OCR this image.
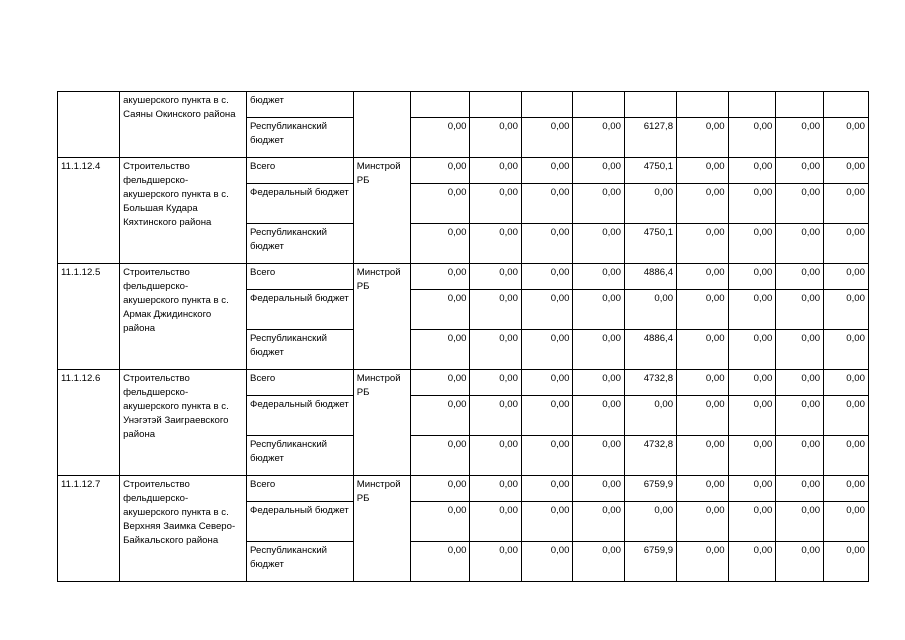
	акушерского пункта в с. Саяны Окинского района	бюджет										
		Республиканский бюджет		0,00	0,00	0,00	0,00	6127,8	0,00	0,00	0,00	0,00
11.1.12.4	Строительство фельдшерско-акушерского пункта в с. Большая Кудара Кяхтинского района	Всего	Минстрой РБ	0,00	0,00	0,00	0,00	4750,1	0,00	0,00	0,00	0,00
		Федеральный бюджет		0,00	0,00	0,00	0,00	0,00	0,00	0,00	0,00	0,00
		Республиканский бюджет		0,00	0,00	0,00	0,00	4750,1	0,00	0,00	0,00	0,00
11.1.12.5	Строительство фельдшерско-акушерского пункта в с. Армак Джидинского района	Всего	Минстрой РБ	0,00	0,00	0,00	0,00	4886,4	0,00	0,00	0,00	0,00
		Федеральный бюджет		0,00	0,00	0,00	0,00	0,00	0,00	0,00	0,00	0,00
		Республиканский бюджет		0,00	0,00	0,00	0,00	4886,4	0,00	0,00	0,00	0,00
11.1.12.6	Строительство фельдшерско-акушерского пункта в с. Унэгэтэй Заиграевского района	Всего	Минстрой РБ	0,00	0,00	0,00	0,00	4732,8	0,00	0,00	0,00	0,00
		Федеральный бюджет		0,00	0,00	0,00	0,00	0,00	0,00	0,00	0,00	0,00
		Республиканский бюджет		0,00	0,00	0,00	0,00	4732,8	0,00	0,00	0,00	0,00
11.1.12.7	Строительство фельдшерско-акушерского пункта в с. Верхняя Заимка Северо-Байкальского района	Всего	Минстрой РБ	0,00	0,00	0,00	0,00	6759,9	0,00	0,00	0,00	0,00
		Федеральный бюджет		0,00	0,00	0,00	0,00	0,00	0,00	0,00	0,00	0,00
		Республиканский бюджет		0,00	0,00	0,00	0,00	6759,9	0,00	0,00	0,00	0,00
